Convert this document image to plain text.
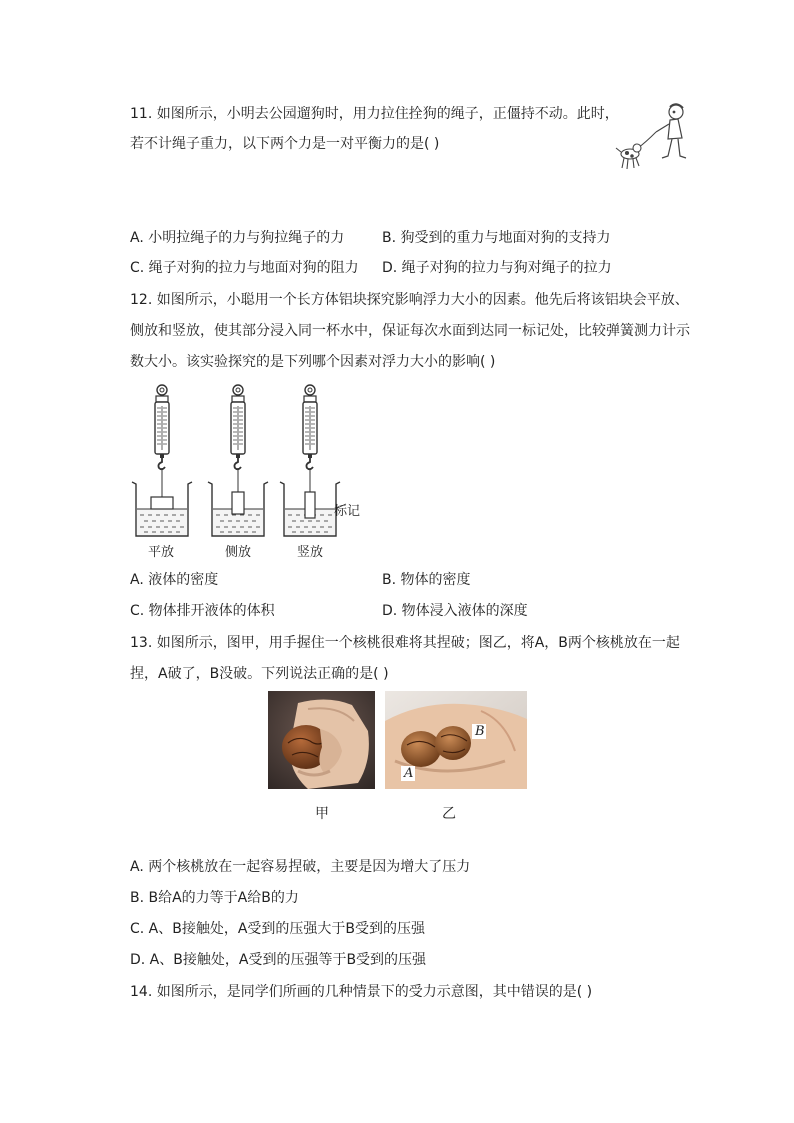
11. 如图所示，小明去公园遛狗时，用力拉住拴狗的绳子，正僵持不动。此时，
若不计绳子重力，以下两个力是一对平衡力的是( )
A. 小明拉绳子的力与狗拉绳子的力	B. 狗受到的重力与地面对狗的支持力
C. 绳子对狗的拉力与地面对狗的阻力 D. 绳子对狗的拉力与狗对绳子的拉力
12. 如图所示，小聪用一个长方体铝块探究影响浮力大小的因素。他先后将该铝块会平放、
侧放和竖放，使其部分浸入同一杯水中，保证每次水面到达同一标记处，比较弹簧测力计示
数大小。该实验探究的是下列哪个因素对浮力大小的影响( )
平放	侧放	竖放
标记
A. 液体的密度	B. 物体的密度
C. 物体排开液体的体积	D. 物体浸入液体的深度
13. 如图所示，图甲，用手握住一个核桃很难将其捏破；图乙，将A，B两个核桃放在一起
捏，A破了，B没破。下列说法正确的是( )
B
A
甲	乙
A. 两个核桃放在一起容易捏破，主要是因为增大了压力
B. B给A的力等于A给B的力
C. A、B接触处，A受到的压强大于B受到的压强
D. A、B接触处，A受到的压强等于B受到的压强
14. 如图所示，是同学们所画的几种情景下的受力示意图，其中错误的是( )
